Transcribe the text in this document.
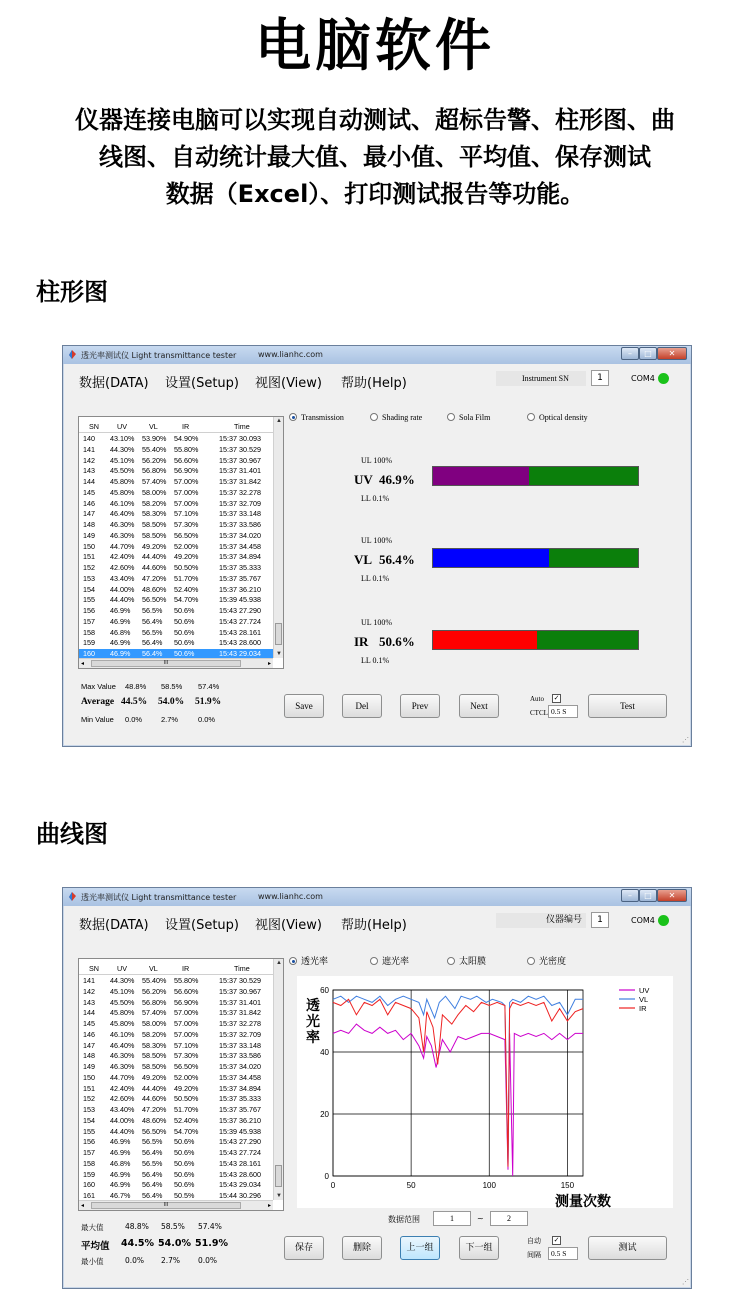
电脑软件
仪器连接电脑可以实现自动测试、超标告警、柱形图、曲
线图、自动统计最大值、最小值、平均值、保存测试
数据（Excel）、打印测试报告等功能。
柱形图
透光率测试仪 Light transmittance tester	www.lianhc.com	–	□	✕
数据(DATA) 设置(Setup) 视图(View) 帮助(Help)	Instrument SN	1	COM4
SN	UV	VL	IR	Time
140 43.10% 53.90% 54.90%	15:37 30.093
141 44.30% 55.40% 55.80%	15:37 30.529
142 45.10% 56.20% 56.60%	15:37 30.967
143 45.50% 56.80% 56.90%	15:37 31.401
144 45.80% 57.40% 57.00%	15:37 31.842
145 45.80% 58.00% 57.00%	15:37 32.278
146 46.10% 58.20% 57.00%	15:37 32.709
147 46.40% 58.30% 57.10%	15:37 33.148
148 46.30% 58.50% 57.30%	15:37 33.586
149 46.30% 58.50% 56.50%	15:37 34.020
150 44.70% 49.20% 52.00%	15:37 34.458
151 42.40% 44.40% 49.20%	15:37 34.894
152 42.60% 44.60% 50.50%	15:37 35.333
153 43.40% 47.20% 51.70%	15:37 35.767
154 44.00% 48.60% 52.40%	15:37 36.210
155 44.40% 56.50% 54.70%	15:39 45.938
156 46.9% 56.5% 50.6%	15:43 27.290
157 46.9% 56.4% 50.6%	15:43 27.724
158 46.8% 56.5% 50.6%	15:43 28.161
159 46.9% 56.4% 50.6%	15:43 28.600
160 46.9% 56.4% 50.6%	15:43 29.034
▲
▼
◂	III	▸
Max Value 48.8% 58.5% 57.4%
Average 44.5% 54.0% 51.9%
Min Value 0.0%	2.7%	0.0%
Transmission	Shading rate	Sola Film	Optical density
UL 100%
UV 46.9%
LL 0.1%
UL 100%
VL 56.4%
LL 0.1%
UL 100%
IR 50.6%
LL 0.1%
Save	Del	Prev	Next
Auto ✓
CTCL 0.5 S
Test
⋰
曲线图
透光率测试仪 Light transmittance tester	www.lianhc.com	–	□	✕
数据(DATA) 设置(Setup) 视图(View) 帮助(Help)	仪器编号	1	COM4
SN	UV	VL	IR	Time
141 44.30% 55.40% 55.80%	15:37 30.529
142 45.10% 56.20% 56.60%	15:37 30.967
143 45.50% 56.80% 56.90%	15:37 31.401
144 45.80% 57.40% 57.00%	15:37 31.842
145 45.80% 58.00% 57.00%	15:37 32.278
146 46.10% 58.20% 57.00%	15:37 32.709
147 46.40% 58.30% 57.10%	15:37 33.148
148 46.30% 58.50% 57.30%	15:37 33.586
149 46.30% 58.50% 56.50%	15:37 34.020
150 44.70% 49.20% 52.00%	15:37 34.458
151 42.40% 44.40% 49.20%	15:37 34.894
152 42.60% 44.60% 50.50%	15:37 35.333
153 43.40% 47.20% 51.70%	15:37 35.767
154 44.00% 48.60% 52.40%	15:37 36.210
155 44.40% 56.50% 54.70%	15:39 45.938
156 46.9% 56.5% 50.6%	15:43 27.290
157 46.9% 56.4% 50.6%	15:43 27.724
158 46.8% 56.5% 50.6%	15:43 28.161
159 46.9% 56.4% 50.6%	15:43 28.600
160 46.9% 56.4% 50.6%	15:43 29.034
161 46.7% 56.4% 50.5%	15:44 30.296
▲
▼
◂	III	▸
最大值	48.8% 58.5% 57.4%
平均值 44.5% 54.0% 51.9%
最小值	0.0% 2.7% 0.0%
透光率	遮光率	太阳膜	光密度
0
20
40
60
0	50	100	150
透
光
率
测量次数
UV
VL
IR
数据范围	1	~	2
保存	删除	上一组	下一组
自动 ✓
间隔	0.5 S
测试
⋰
